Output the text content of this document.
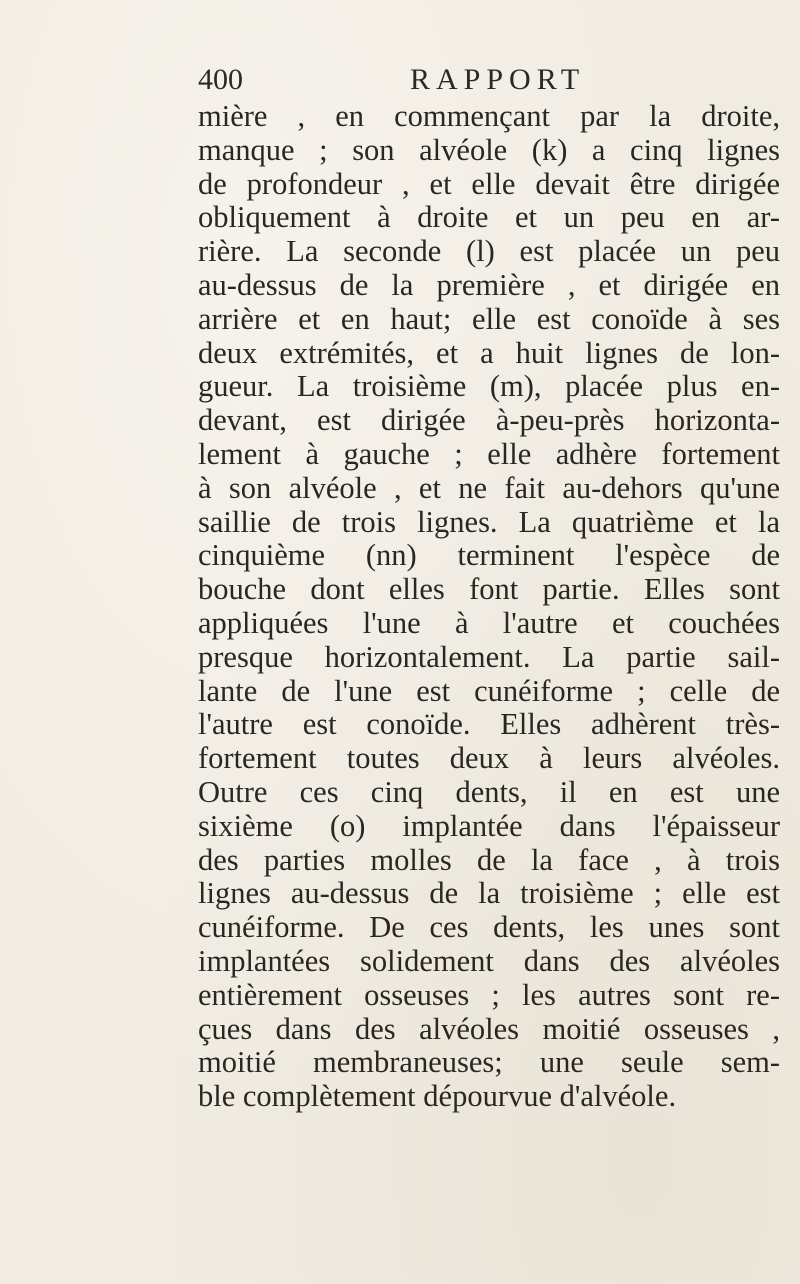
400	RAPPORT
mière , en commençant par la droite,
manque ; son alvéole (k) a cinq lignes
de profondeur , et elle devait être dirigée
obliquement à droite et un peu en ar-
rière. La seconde (l) est placée un peu
au-dessus de la première , et dirigée en
arrière et en haut; elle est conoïde à ses
deux extrémités, et a huit lignes de lon-
gueur. La troisième (m), placée plus en-
devant, est dirigée à-peu-près horizonta-
lement à gauche ; elle adhère fortement
à son alvéole , et ne fait au-dehors qu'une
saillie de trois lignes. La quatrième et la
cinquième (nn) terminent l'espèce de
bouche dont elles font partie. Elles sont
appliquées l'une à l'autre et couchées
presque horizontalement. La partie sail-
lante de l'une est cunéiforme ; celle de
l'autre est conoïde. Elles adhèrent très-
fortement toutes deux à leurs alvéoles.
Outre ces cinq dents, il en est une
sixième (o) implantée dans l'épaisseur
des parties molles de la face , à trois
lignes au-dessus de la troisième ; elle est
cunéiforme. De ces dents, les unes sont
implantées solidement dans des alvéoles
entièrement osseuses ; les autres sont re-
çues dans des alvéoles moitié osseuses ,
moitié membraneuses; une seule sem-
ble complètement dépourvue d'alvéole.
